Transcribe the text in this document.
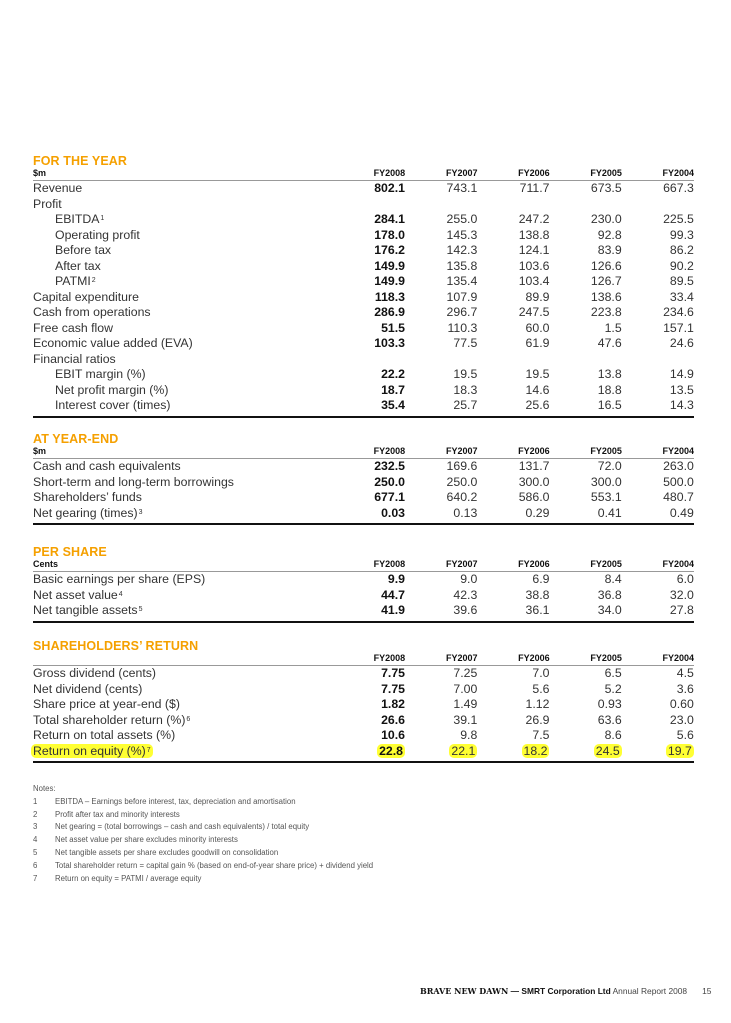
FOR THE YEAR
$m	FY2008	FY2007	FY2006	FY2005	FY2004
Revenue	802.1	743.1	711.7	673.5	667.3
Profit
EBITDA$^1$	284.1	255.0	247.2	230.0	225.5
Operating profit	178.0	145.3	138.8	92.8	99.3
Before tax	176.2	142.3	124.1	83.9	86.2
After tax	149.9	135.8	103.6	126.6	90.2
PATMI$^2$	149.9	135.4	103.4	126.7	89.5
Capital expenditure	118.3	107.9	89.9	138.6	33.4
Cash from operations	286.9	296.7	247.5	223.8	234.6
Free cash flow	51.5	110.3	60.0	1.5	157.1
Economic value added (EVA)	103.3	77.5	61.9	47.6	24.6
Financial ratios
EBIT margin (%)	22.2	19.5	19.5	13.8	14.9
Net profit margin (%)	18.7	18.3	14.6	18.8	13.5
Interest cover (times)	35.4	25.7	25.6	16.5	14.3
AT YEAR-END
$m	FY2008	FY2007	FY2006	FY2005	FY2004
Cash and cash equivalents	232.5	169.6	131.7	72.0	263.0
Short-term and long-term borrowings	250.0	250.0	300.0	300.0	500.0
Shareholders’ funds	677.1	640.2	586.0	553.1	480.7
Net gearing (times)$^3$	0.03	0.13	0.29	0.41	0.49
PER SHARE
Cents	FY2008	FY2007	FY2006	FY2005	FY2004
Basic earnings per share (EPS)	9.9	9.0	6.9	8.4	6.0
Net asset value$^4$	44.7	42.3	38.8	36.8	32.0
Net tangible assets$^5$	41.9	39.6	36.1	34.0	27.8
SHAREHOLDERS’ RETURN
FY2008	FY2007	FY2006	FY2005	FY2004
Gross dividend (cents)	7.75	7.25	7.0	6.5	4.5
Net dividend (cents)	7.75	7.00	5.6	5.2	3.6
Share price at year-end ($)	1.82	1.49	1.12	0.93	0.60
Total shareholder return (%)$^6$	26.6	39.1	26.9	63.6	23.0
Return on total assets (%)	10.6	9.8	7.5	8.6	5.6
Return on equity (%)$^7$	22.8	22.1	18.2	24.5	19.7
Notes:
1	EBITDA – Earnings before interest, tax, depreciation and amortisation
2	Profit after tax and minority interests
3	Net gearing = (total borrowings – cash and cash equivalents) / total equity
4	Net asset value per share excludes minority interests
5	Net tangible assets per share excludes goodwill on consolidation
6	Total shareholder return = capital gain % (based on end-of-year share price) + dividend yield
7	Return on equity = PATMI / average equity
BRAVE NEW DAWN — SMRT Corporation Ltd Annual Report 2008 15
